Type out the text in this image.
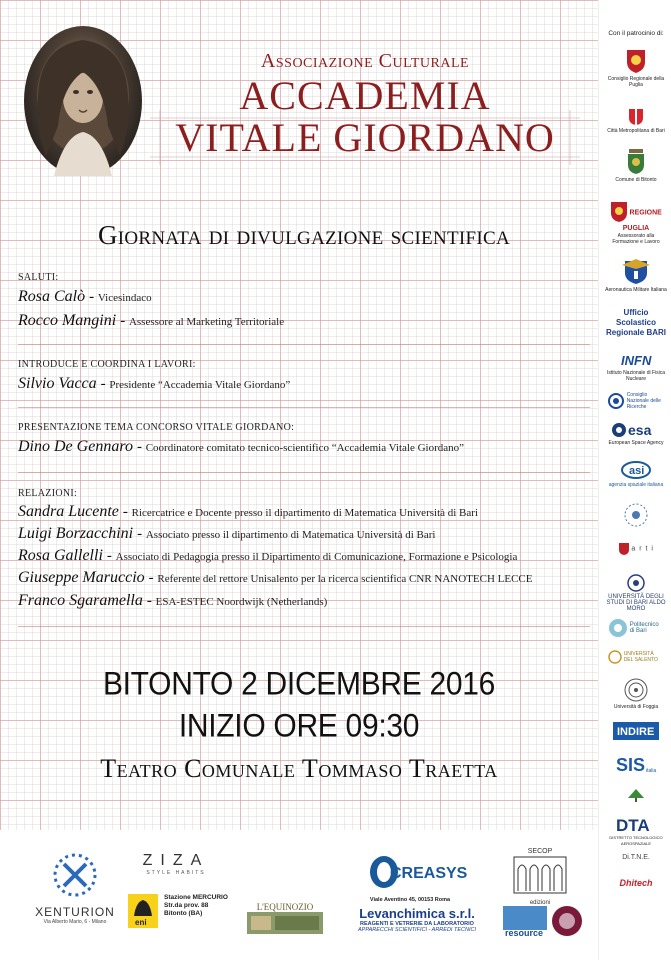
Associazione Culturale
ACCADEMIA
VITALE GIORDANO
Giornata di divulgazione scientifica
SALUTI:
Rosa Calò - Vicesindaco
Rocco Mangini - Assessore al Marketing Territoriale
INTRODUCE E COORDINA I LAVORI:
Silvio Vacca - Presidente “Accademia Vitale Giordano”
PRESENTAZIONE TEMA CONCORSO VITALE GIORDANO:
Dino De Gennaro - Coordinatore comitato tecnico-scientifico “Accademia Vitale Giordano”
RELAZIONI:
Sandra Lucente - Ricercatrice e Docente presso il dipartimento di Matematica Università di Bari
Luigi Borzacchini - Associato presso il dipartimento di Matematica Università di Bari
Rosa Gallelli - Associato di Pedagogia presso il Dipartimento di Comunicazione, Formazione e Psicologia
Giuseppe Maruccio - Referente del rettore Unisalento per la ricerca scientifica CNR NANOTECH LECCE
Franco Sgaramella - ESA-ESTEC Noordwijk (Netherlands)
BITONTO 2 DICEMBRE 2016
INIZIO ORE 09:30
Teatro Comunale Tommaso Traetta
Con il patrocinio di:
Consiglio Regionale della Puglia
Città Metropolitana di Bari
Comune di Bitonto
REGIONE PUGLIA
Assessorato alla Formazione e Lavoro
Aeronautica Militare Italiana
Ufficio Scolastico Regionale BARI
INFN
Istituto Nazionale di Fisica Nucleare
Consiglio Nazionale delle Ricerche
esa
European Space Agency
asi
agenzia spaziale italiana
a r t i
UNIVERSITÀ DEGLI STUDI DI BARI ALDO MORO
Politecnico di Bari
UNIVERSITÀ DEL SALENTO
Università di Foggia
INDIRE
SIS italia
DTA
DISTRETTO TECNOLOGICO AEROSPAZIALE
Di.T.N.E.
Dhitech
XENTURION
Via Alberto Mario, 6 - Milano
ZIZA
STYLE HABITS
eni
Stazione MERCURIO
Str.da prov. 88 Bitonto (BA)
L'EQUINOZIO
CREASYS
Viale Aventino 45, 00153 Roma
Levanchimica s.r.l.
REAGENTI E VETRERIE DA LABORATORIO
APPARECCHI SCIENTIFICI - ARREDI TECNICI
SECOP
edizioni
resource
